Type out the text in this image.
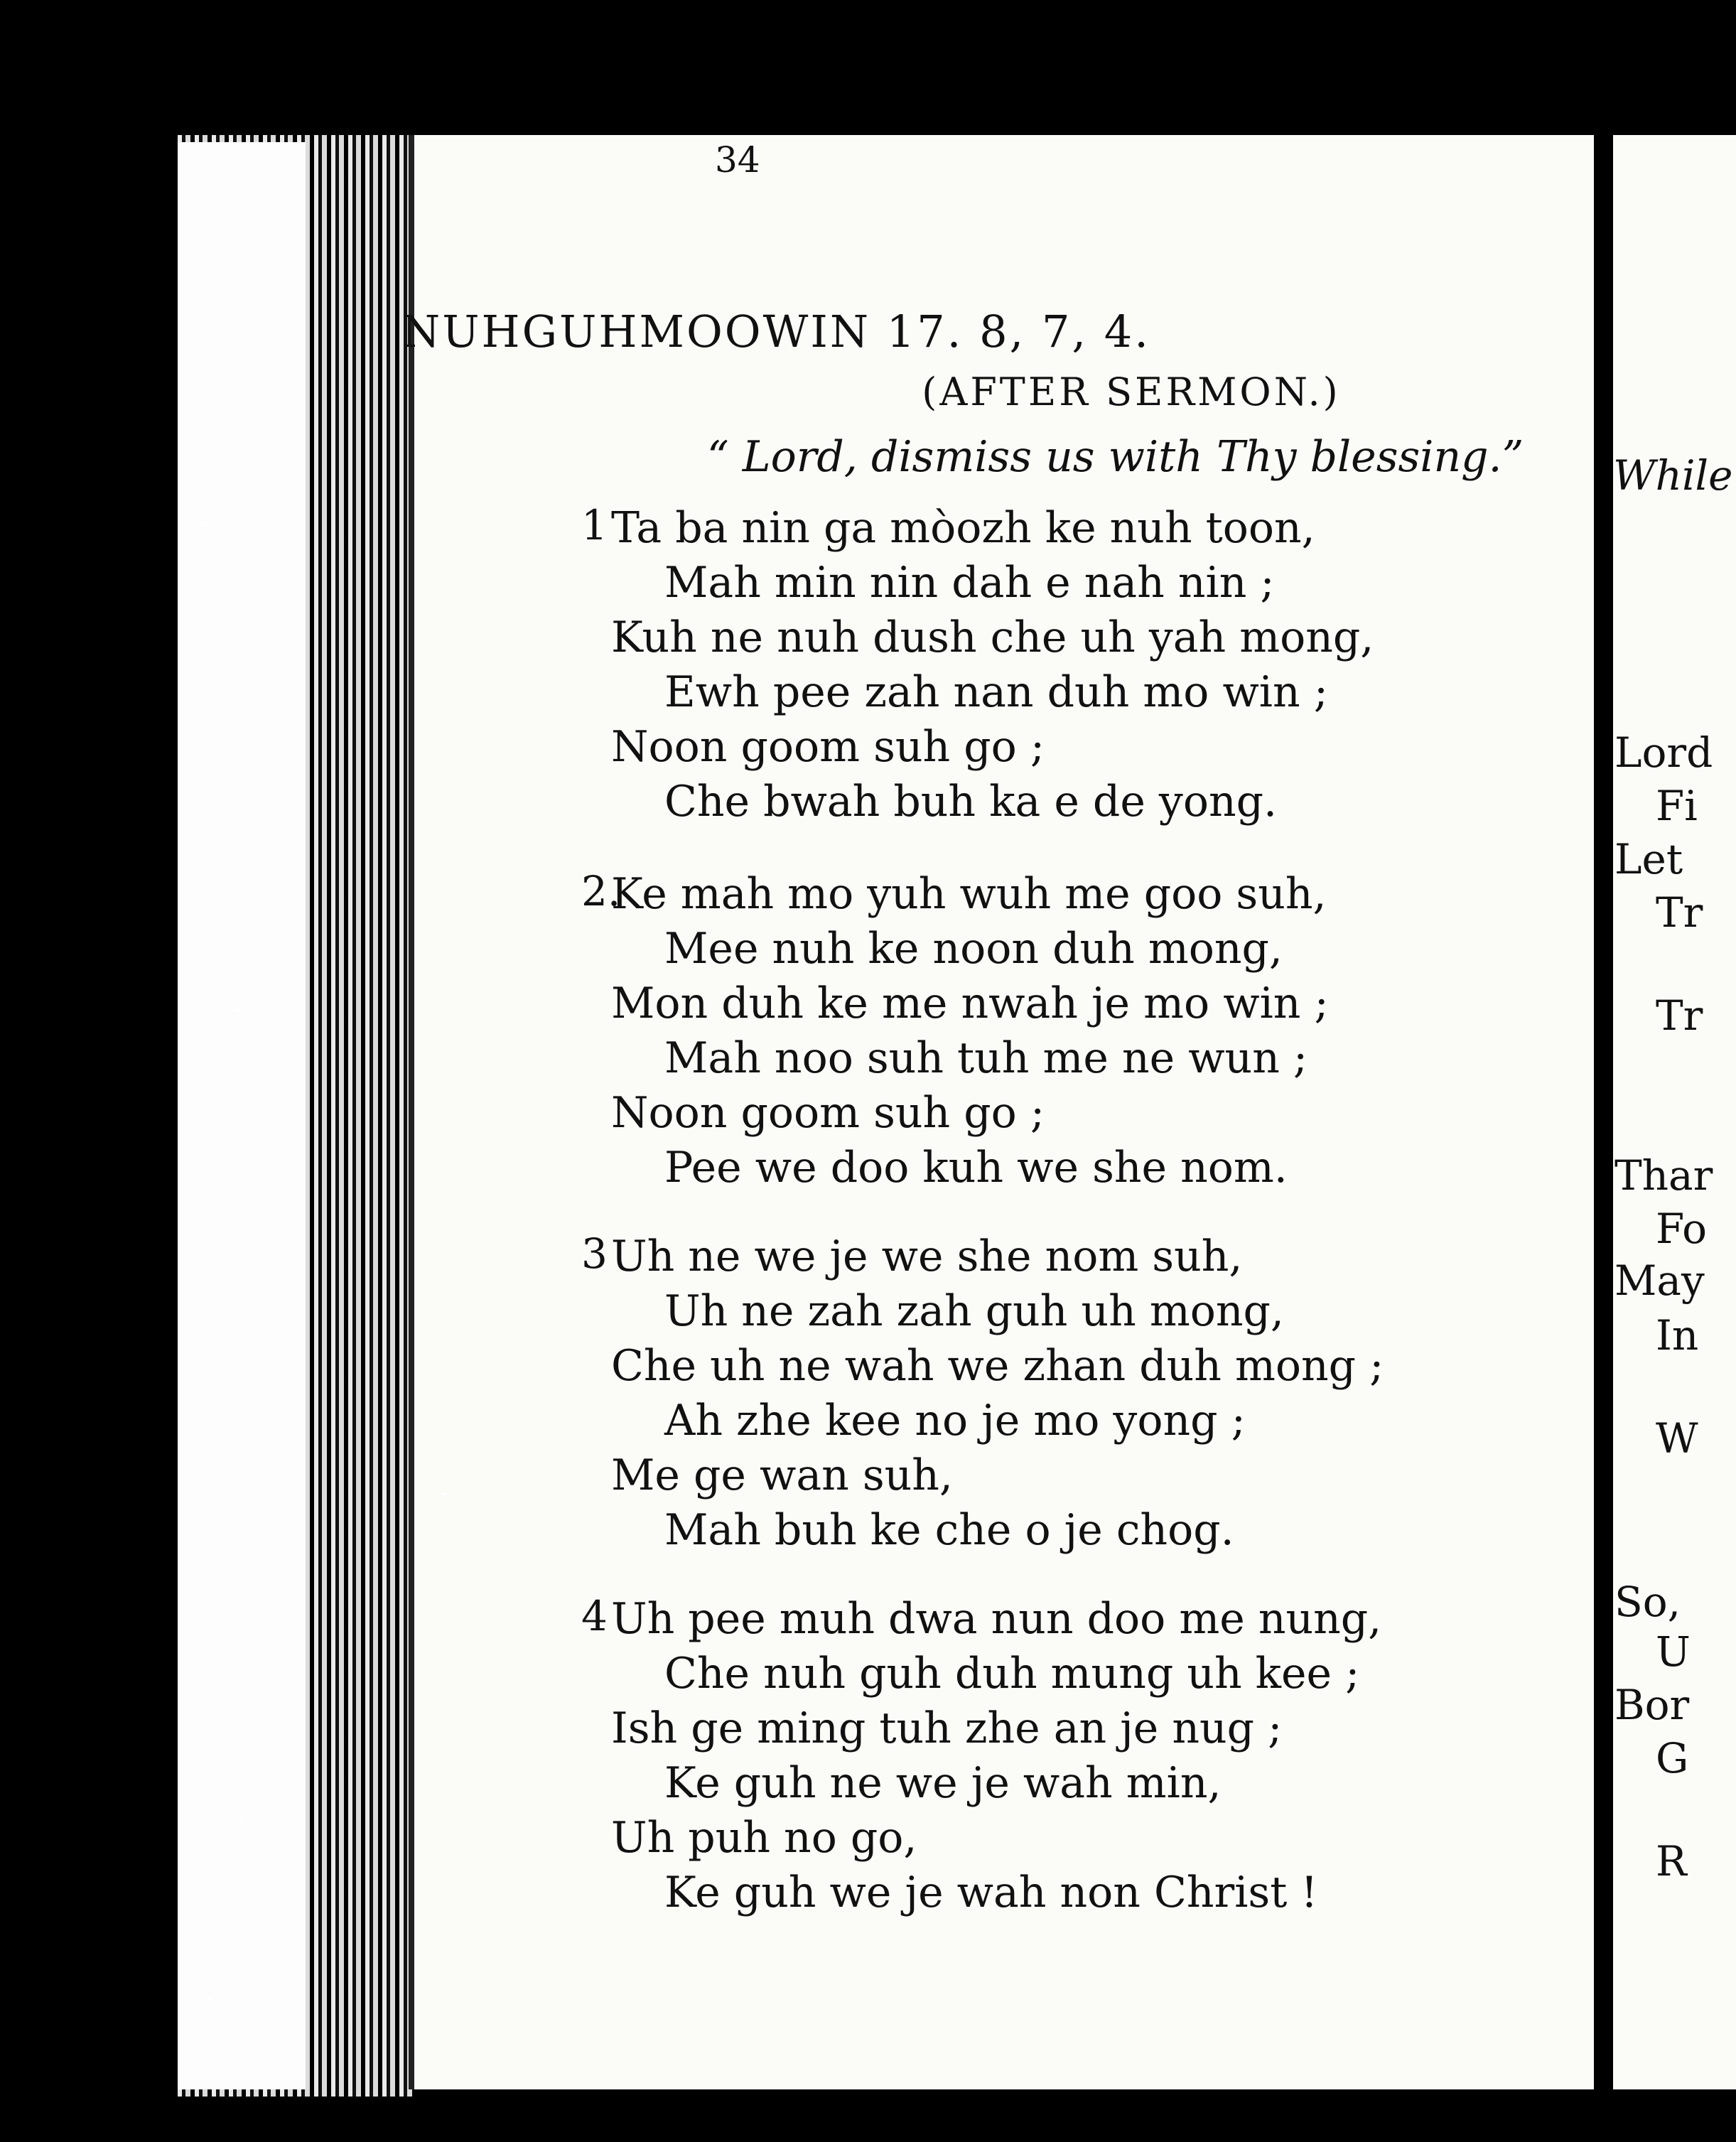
NUHGUHMOOWIN 17. 8, 7, 4.

(AFTER SERMON.)

“ Lord, dismiss us with Thy blessing.”

1 Ta ba nin ga mòozh ke nuh toon,
Mah min nin dah e nah nin ;
Kuh ne nuh dush che uh yah mong,
Ewh pee zah nan duh mo win ;
Noon goom suh go ;
Che bwah buh ka e de yong.
2.
Ke mah mo yuh wuh me goo suh,
Mee nuh ke noon duh mong,
Mon duh ke me nwah je mo win ;
Mah noo suh tuh me ne wun ;
Noon goom suh go ;
Pee we doo kuh we she nom.
3 Uh ne we je we she nom suh,
Uh ne zah zah guh uh mong,
Che uh ne wah we zhan duh mong ;
Ah zhe kee no je mo yong ;
Me ge wan suh,
Mah buh ke che o je chog.
4 Uh pee muh dwa nun doo me nung,
Che nuh guh duh mung uh kee ;
Ish ge ming tuh zhe an je nug ;
Ke guh ne we je wah min,
Uh puh no go,
Ke guh we je wah non Christ !
While
Lord
Fi
Let
Tr
Tr
Thar
Fo
May
In
W
So,
U
Bor
G
R
